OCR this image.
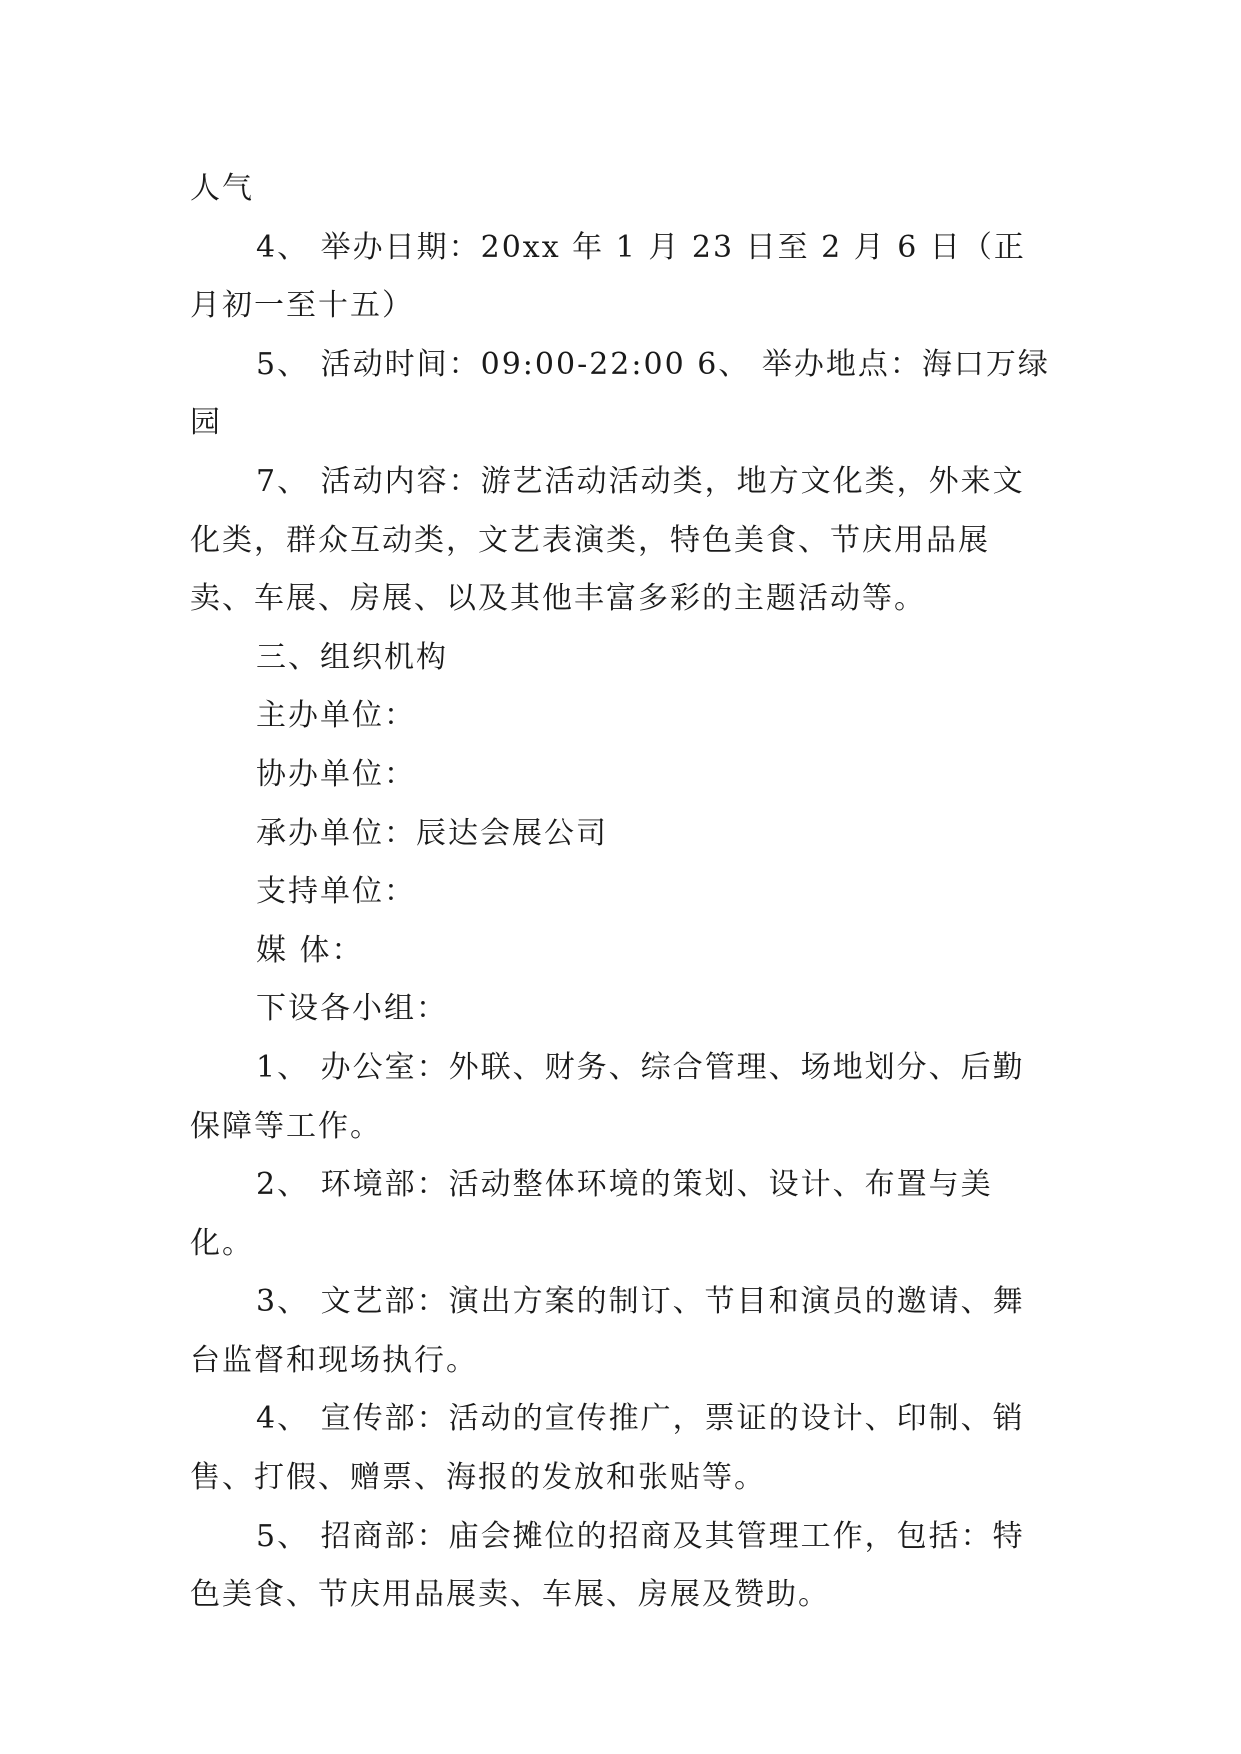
人气

4、 举办日期：20xx 年 1 月 23 日至 2 月 6 日（正月初一至十五）

5、 活动时间：09:00-22:00 6、 举办地点：海口万绿园

7、 活动内容：游艺活动活动类，地方文化类，外来文化类，群众互动类，文艺表演类，特色美食、节庆用品展卖、车展、房展、以及其他丰富多彩的主题活动等。

三、组织机构

主办单位：

协办单位：

承办单位：辰达会展公司

支持单位：

媒 体：

下设各小组：

1、 办公室：外联、财务、综合管理、场地划分、后勤保障等工作。

2、 环境部：活动整体环境的策划、设计、布置与美化。

3、 文艺部：演出方案的制订、节目和演员的邀请、舞台监督和现场执行。

4、 宣传部：活动的宣传推广，票证的设计、印制、销售、打假、赠票、海报的发放和张贴等。

5、 招商部：庙会摊位的招商及其管理工作，包括：特色美食、节庆用品展卖、车展、房展及赞助。
